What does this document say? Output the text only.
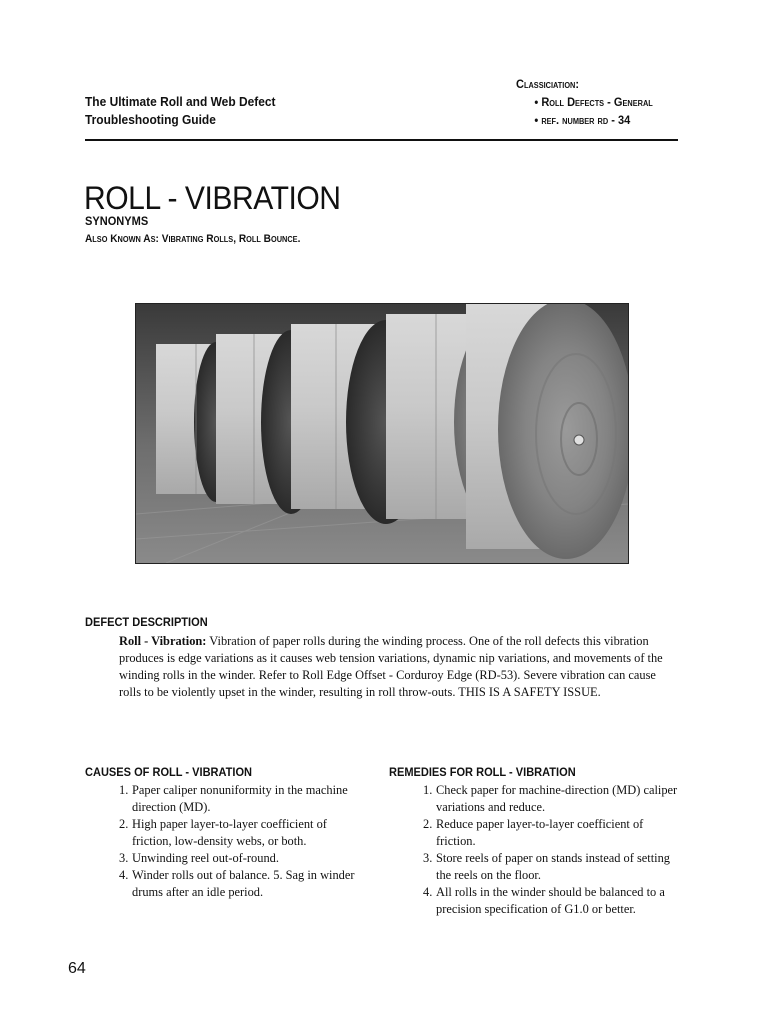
The Ultimate Roll and Web Defect
Troubleshooting Guide
Classiciation:
• Roll Defects - General
• ref. number rd - 34
ROLL - VIBRATION
SYNONYMS
Also Known As: Vibrating Rolls, Roll Bounce.
DEFECT DESCRIPTION
Roll - Vibration: Vibration of paper rolls during the winding process. One of the roll defects this vibration produces is edge variations as it causes web tension variations, dynamic nip variations, and movements of the winding rolls in the winder. Refer to Roll Edge Offset - Corduroy Edge (RD-53). Severe vibration can cause rolls to be violently upset in the winder, resulting in roll throw-outs. THIS IS A SAFETY ISSUE.
CAUSES OF ROLL - VIBRATION
1. Paper caliper nonuniformity in the machine direction (MD).
2. High paper layer-to-layer coefficient of friction, low-density webs, or both.
3. Unwinding reel out-of-round.
4. Winder rolls out of balance. 5. Sag in winder drums after an idle period.
REMEDIES FOR ROLL - VIBRATION
1. Check paper for machine-direction (MD) caliper variations and reduce.
2. Reduce paper layer-to-layer coefficient of friction.
3. Store reels of paper on stands instead of setting the reels on the floor.
4. All rolls in the winder should be balanced to a precision specification of G1.0 or better.
64
